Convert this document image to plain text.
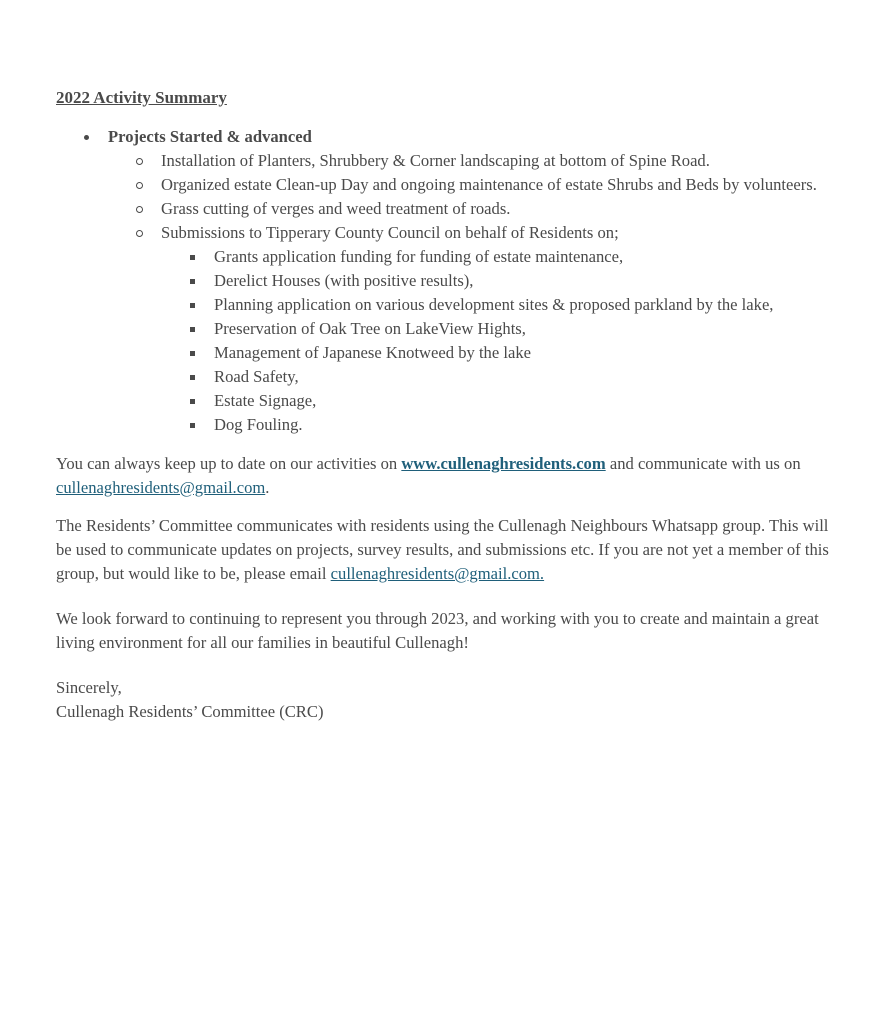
2022 Activity Summary
Projects Started & advanced
Installation of Planters, Shrubbery & Corner landscaping at bottom of Spine Road.
Organized estate Clean-up Day and ongoing maintenance of estate Shrubs and Beds by volunteers.
Grass cutting of verges and weed treatment of roads.
Submissions to Tipperary County Council on behalf of Residents on;
Grants application funding for funding of estate maintenance,
Derelict Houses (with positive results),
Planning application on various development sites & proposed parkland by the lake,
Preservation of Oak Tree on LakeView Hights,
Management of Japanese Knotweed by the lake
Road Safety,
Estate Signage,
Dog Fouling.

You can always keep up to date on our activities on www.cullenaghresidents.com and communicate with us on cullenaghresidents@gmail.com.

The Residents’ Committee communicates with residents using the Cullenagh Neighbours Whatsapp group. This will be used to communicate updates on projects, survey results, and submissions etc. If you are not yet a member of this group, but would like to be, please email cullenaghresidents@gmail.com.

We look forward to continuing to represent you through 2023, and working with you to create and maintain a great living environment for all our families in beautiful Cullenagh!

Sincerely,
Cullenagh Residents’ Committee (CRC)
